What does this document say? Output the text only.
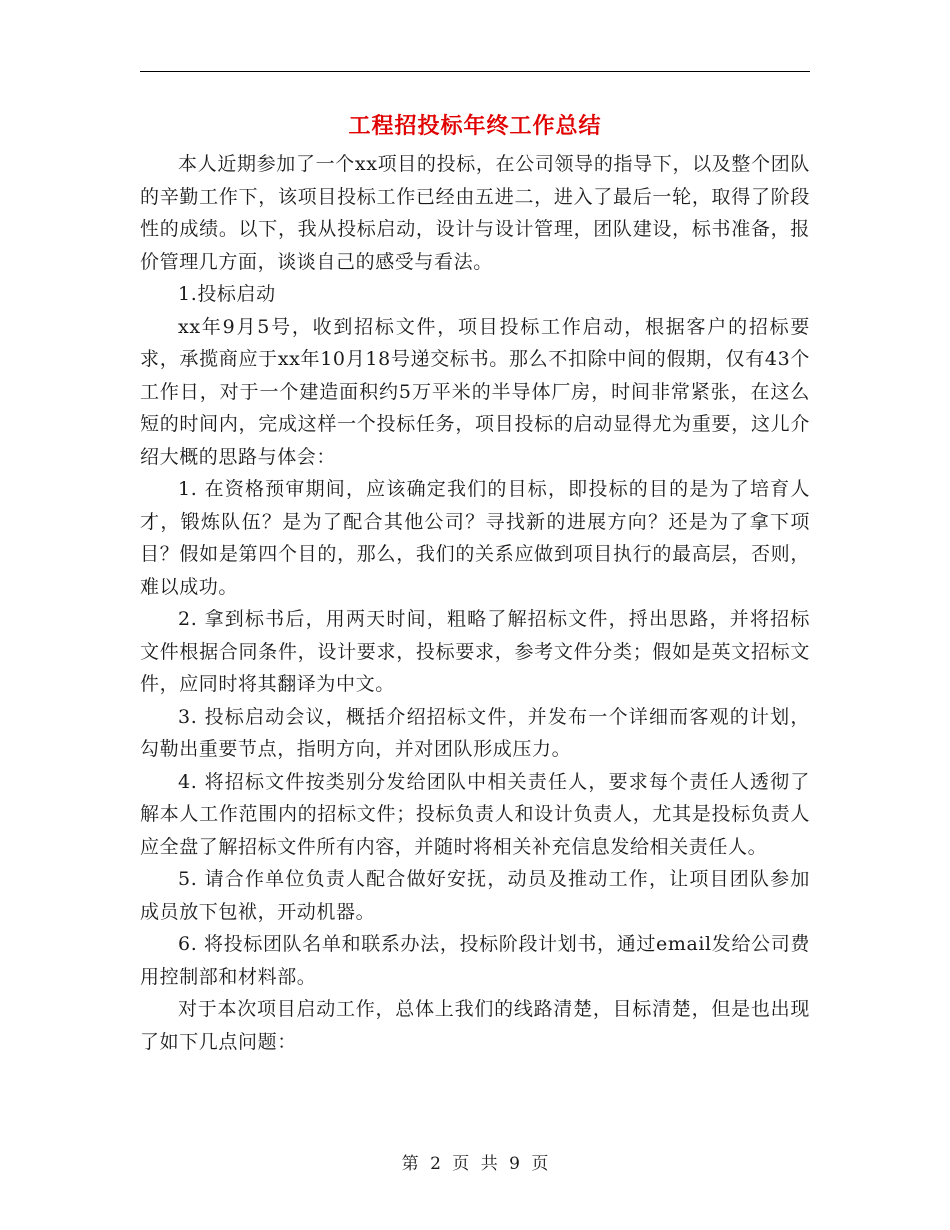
工程招投标年终工作总结

本人近期参加了一个xx项目的投标，在公司领导的指导下，以及整个团队的辛勤工作下，该项目投标工作已经由五进二，进入了最后一轮，取得了阶段性的成绩。以下，我从投标启动，设计与设计管理，团队建设，标书准备，报价管理几方面，谈谈自己的感受与看法。

1.投标启动

xx年9月5号，收到招标文件，项目投标工作启动，根据客户的招标要求，承揽商应于xx年10月18号递交标书。那么不扣除中间的假期，仅有43个工作日，对于一个建造面积约5万平米的半导体厂房，时间非常紧张，在这么短的时间内，完成这样一个投标任务，项目投标的启动显得尤为重要，这儿介绍大概的思路与体会：

1. 在资格预审期间，应该确定我们的目标，即投标的目的是为了培育人才，锻炼队伍？是为了配合其他公司？寻找新的进展方向？还是为了拿下项目？假如是第四个目的，那么，我们的关系应做到项目执行的最高层，否则，难以成功。

2. 拿到标书后，用两天时间，粗略了解招标文件，捋出思路，并将招标文件根据合同条件，设计要求，投标要求，参考文件分类；假如是英文招标文件，应同时将其翻译为中文。

3. 投标启动会议，概括介绍招标文件，并发布一个详细而客观的计划，勾勒出重要节点，指明方向，并对团队形成压力。

4. 将招标文件按类别分发给团队中相关责任人，要求每个责任人透彻了解本人工作范围内的招标文件；投标负责人和设计负责人，尤其是投标负责人应全盘了解招标文件所有内容，并随时将相关补充信息发给相关责任人。

5. 请合作单位负责人配合做好安抚，动员及推动工作，让项目团队参加成员放下包袱，开动机器。

6. 将投标团队名单和联系办法，投标阶段计划书，通过email发给公司费用控制部和材料部。

对于本次项目启动工作，总体上我们的线路清楚，目标清楚，但是也出现了如下几点问题：

第 2 页 共 9 页
